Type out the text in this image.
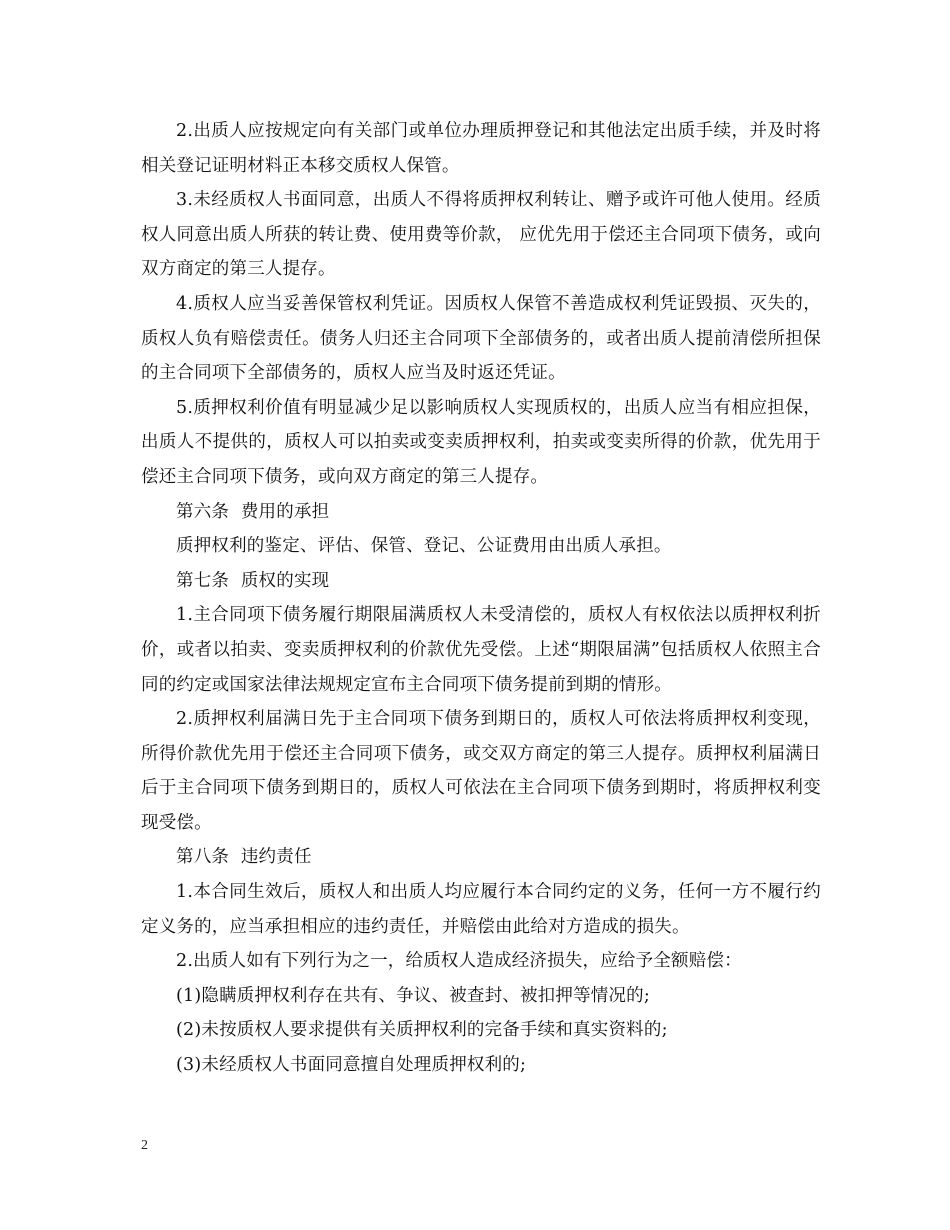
2.出质人应按规定向有关部门或单位办理质押登记和其他法定出质手续，并及时将相关登记证明材料正本移交质权人保管。

3.未经质权人书面同意，出质人不得将质押权利转让、赠予或许可他人使用。经质权人同意出质人所获的转让费、使用费等价款， 应优先用于偿还主合同项下债务，或向双方商定的第三人提存。

4.质权人应当妥善保管权利凭证。因质权人保管不善造成权利凭证毁损、灭失的，质权人负有赔偿责任。债务人归还主合同项下全部债务的，或者出质人提前清偿所担保的主合同项下全部债务的，质权人应当及时返还凭证。

5.质押权利价值有明显减少足以影响质权人实现质权的，出质人应当有相应担保，出质人不提供的，质权人可以拍卖或变卖质押权利，拍卖或变卖所得的价款，优先用于偿还主合同项下债务，或向双方商定的第三人提存。

第六条 费用的承担

质押权利的鉴定、评估、保管、登记、公证费用由出质人承担。

第七条 质权的实现

1.主合同项下债务履行期限届满质权人未受清偿的，质权人有权依法以质押权利折价，或者以拍卖、变卖质押权利的价款优先受偿。上述“期限届满”包括质权人依照主合同的约定或国家法律法规规定宣布主合同项下债务提前到期的情形。

2.质押权利届满日先于主合同项下债务到期日的，质权人可依法将质押权利变现，所得价款优先用于偿还主合同项下债务，或交双方商定的第三人提存。质押权利届满日后于主合同项下债务到期日的，质权人可依法在主合同项下债务到期时，将质押权利变现受偿。

第八条 违约责任

1.本合同生效后，质权人和出质人均应履行本合同约定的义务，任何一方不履行约定义务的，应当承担相应的违约责任，并赔偿由此给对方造成的损失。

2.出质人如有下列行为之一，给质权人造成经济损失，应给予全额赔偿：

(1)隐瞒质押权利存在共有、争议、被查封、被扣押等情况的;

(2)未按质权人要求提供有关质押权利的完备手续和真实资料的;

(3)未经质权人书面同意擅自处理质押权利的;

2
